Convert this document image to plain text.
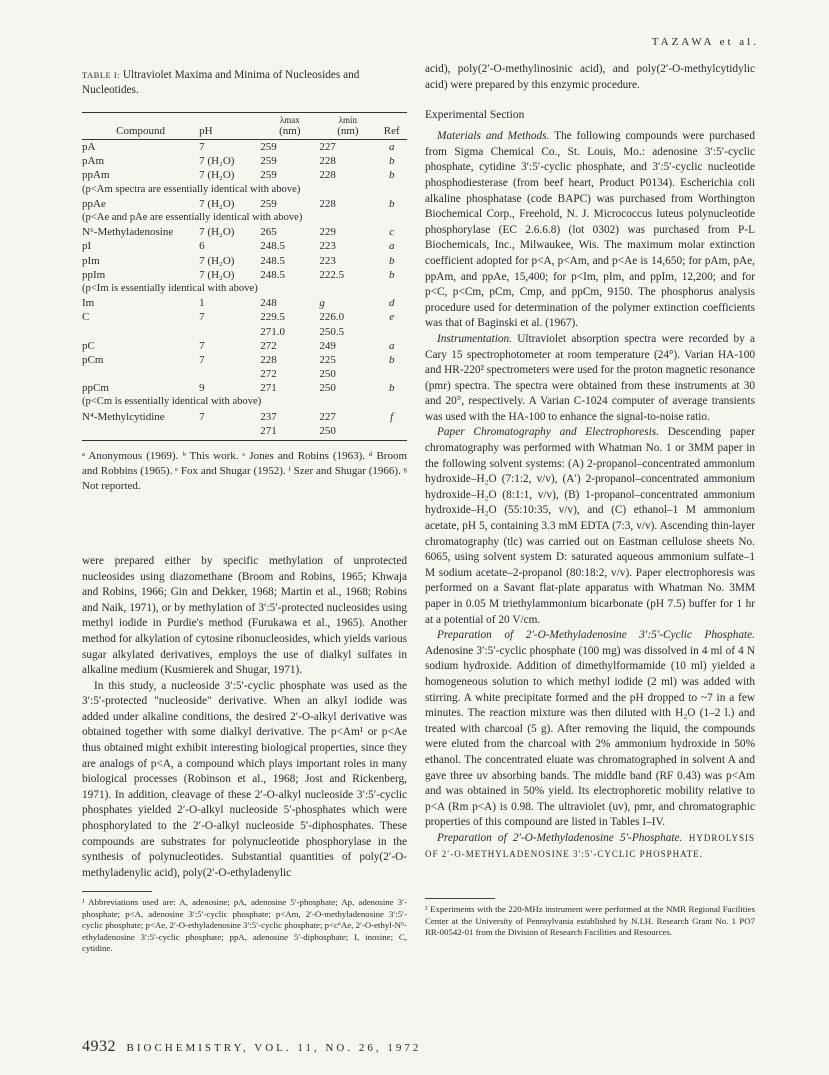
TAZAWA et al.
TABLE I: Ultraviolet Maxima and Minima of Nucleosides and Nucleotides.
Compound	pH	λmax
(nm)	λmin
(nm)	Ref
pA	7	259	227	a
pAm	7 (H₂O)	259	228	b
ppAm	7 (H₂O)	259	228	b
(p<Am spectra are essentially identical with above)				
ppAe	7 (H₂O)	259	228	b
(p<Ae and pAe are essentially identical with above)				
N⁶-Methyladenosine	7 (H₂O)	265	229	c
pI	6	248.5	223	a
pIm	7 (H₂O)	248.5	223	b
ppIm	7 (H₂O)	248.5	222.5	b
(p<Im is essentially identical with above)				
Im	1	248	g	d
C	7	229.5	226.0	e
		271.0	250.5	
pC	7	272	249	a
pCm	7	228	225	b
		272	250	
ppCm	9	271	250	b
(p<Cm is essentially identical with above)				
N⁴-Methylcytidine	7	237	227	f
		271	250	
ᵃ Anonymous (1969). ᵇ This work. ᶜ Jones and Robins (1963). ᵈ Broom and Robbins (1965). ᵉ Fox and Shugar (1952). ᶠ Szer and Shugar (1966). ᵍ Not reported.

were prepared either by specific methylation of unprotected nucleosides using diazomethane (Broom and Robins, 1965; Khwaja and Robins, 1966; Gin and Dekker, 1968; Martin et al., 1968; Robins and Naik, 1971), or by methylation of 3′:5′-protected nucleosides using methyl iodide in Purdie's method (Furukawa et al., 1965). Another method for alkylation of cytosine ribonucleosides, which yields various sugar alkylated derivatives, employs the use of dialkyl sulfates in alkaline medium (Kusmierek and Shugar, 1971).

In this study, a nucleoside 3′:5′-cyclic phosphate was used as the 3′:5′-protected "nucleoside" derivative. When an alkyl iodide was added under alkaline conditions, the desired 2′-O-alkyl derivative was obtained together with some dialkyl derivative. The p<Am¹ or p<Ae thus obtained might exhibit interesting biological properties, since they are analogs of p<A, a compound which plays important roles in many biological processes (Robinson et al., 1968; Jost and Rickenberg, 1971). In addition, cleavage of these 2′-O-alkyl nucleoside 3′:5′-cyclic phosphates yielded 2′-O-alkyl nucleoside 5′-phosphates which were phosphorylated to the 2′-O-alkyl nucleoside 5′-diphosphates. These compounds are substrates for polynucleotide phosphorylase in the synthesis of polynucleotides. Substantial quantities of poly(2′-O-methyladenylic acid), poly(2′-O-ethyladenylic

¹ Abbreviations used are: A, adenosine; pA, adenosine 5′-phosphate; Ap, adenosine 3′-phosphate; p<A, adenosine 3′:5′-cyclic phosphate; p<Am, 2′-O-methyladenosine 3′:5′-cyclic phosphate; p<Ae, 2′-O-ethyladenosine 3′:5′-cyclic phosphate; p<c⁶Ae, 2′-O-ethyl-N⁶-ethyladenosine 3′:5′-cyclic phosphate; ppA, adenosine 5′-diphosphate; I, inosine; C, cytidine.

acid), poly(2′-O-methylinosinic acid), and poly(2′-O-methylcytidylic acid) were prepared by this enzymic procedure.

Experimental Section

Materials and Methods. The following compounds were purchased from Sigma Chemical Co., St. Louis, Mo.: adenosine 3′:5′-cyclic phosphate, cytidine 3′:5′-cyclic phosphate, and 3′:5′-cyclic nucleotide phosphodiesterase (from beef heart, Product P0134). Escherichia coli alkaline phosphatase (code BAPC) was purchased from Worthington Biochemical Corp., Freehold, N. J. Micrococcus luteus polynucleotide phosphorylase (EC 2.6.6.8) (lot 0302) was purchased from P-L Biochemicals, Inc., Milwaukee, Wis. The maximum molar extinction coefficient adopted for p<A, p<Am, and p<Ae is 14,650; for pAm, pAe, ppAm, and ppAe, 15,400; for p<Im, pIm, and ppIm, 12,200; and for p<C, p<Cm, pCm, Cmp, and ppCm, 9150. The phosphorus analysis procedure used for determination of the polymer extinction coefficients was that of Baginski et al. (1967).

Instrumentation. Ultraviolet absorption spectra were recorded by a Cary 15 spectrophotometer at room temperature (24°). Varian HA-100 and HR-220² spectrometers were used for the proton magnetic resonance (pmr) spectra. The spectra were obtained from these instruments at 30 and 20°, respectively. A Varian C-1024 computer of average transients was used with the HA-100 to enhance the signal-to-noise ratio.

Paper Chromatography and Electrophoresis. Descending paper chromatography was performed with Whatman No. 1 or 3MM paper in the following solvent systems: (A) 2-propanol–concentrated ammonium hydroxide–H₂O (7:1:2, v/v), (A′) 2-propanol–concentrated ammonium hydroxide–H₂O (8:1:1, v/v), (B) 1-propanol–concentrated ammonium hydroxide–H₂O (55:10:35, v/v), and (C) ethanol–1 M ammonium acetate, pH 5, containing 3.3 mM EDTA (7:3, v/v). Ascending thin-layer chromatography (tlc) was carried out on Eastman cellulose sheets No. 6065, using solvent system D: saturated aqueous ammonium sulfate–1 M sodium acetate–2-propanol (80:18:2, v/v). Paper electrophoresis was performed on a Savant flat-plate apparatus with Whatman No. 3MM paper in 0.05 M triethylammonium bicarbonate (pH 7.5) buffer for 1 hr at a potential of 20 V/cm.

Preparation of 2′-O-Methyladenosine 3′:5′-Cyclic Phosphate. Adenosine 3′:5′-cyclic phosphate (100 mg) was dissolved in 4 ml of 4 N sodium hydroxide. Addition of dimethylformamide (10 ml) yielded a homogeneous solution to which methyl iodide (2 ml) was added with stirring. A white precipitate formed and the pH dropped to ~7 in a few minutes. The reaction mixture was then diluted with H₂O (1–2 l.) and treated with charcoal (5 g). After removing the liquid, the compounds were eluted from the charcoal with 2% ammonium hydroxide in 50% ethanol. The concentrated eluate was chromatographed in solvent A and gave three uv absorbing bands. The middle band (RF 0.43) was p<Am and was obtained in 50% yield. Its electrophoretic mobility relative to p<A (Rm p<A) is 0.98. The ultraviolet (uv), pmr, and chromatographic properties of this compound are listed in Tables I–IV.

Preparation of 2′-O-Methyladenosine 5′-Phosphate. HYDROLYSIS OF 2′-O-METHYLADENOSINE 3′:5′-CYCLIC PHOSPHATE.

² Experiments with the 220-MHz instrument were performed at the NMR Regional Facilities Center at the University of Pennsylvania established by N.I.H. Research Grant No. 1 PO7 RR-00542-01 from the Division of Research Facilities and Resources.
4932 BIOCHEMISTRY, VOL. 11, NO. 26, 1972
